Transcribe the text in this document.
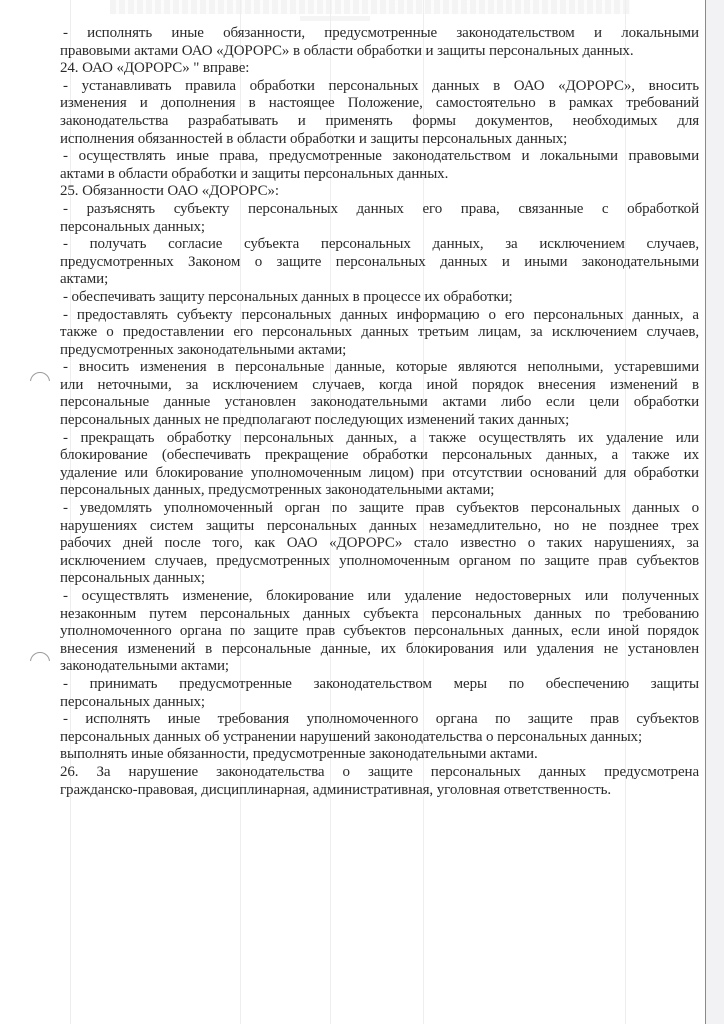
- исполнять иные обязанности, предусмотренные законодательством и локальными
правовыми актами ОАО «ДОРОРС» в области обработки и защиты персональных данных.
24. ОАО «ДОРОРС» " вправе:
- устанавливать правила обработки персональных данных в ОАО «ДОРОРС», вносить
изменения и дополнения в настоящее Положение, самостоятельно в рамках требований
законодательства разрабатывать и применять формы документов, необходимых для
исполнения обязанностей в области обработки и защиты персональных данных;
- осуществлять иные права, предусмотренные законодательством и локальными правовыми
актами в области обработки и защиты персональных данных.
25. Обязанности ОАО «ДОРОРС»:
- разъяснять субъекту персональных данных его права, связанные с обработкой
персональных данных;
- получать согласие субъекта персональных данных, за исключением случаев,
предусмотренных Законом о защите персональных данных и иными законодательными
актами;
- обеспечивать защиту персональных данных в процессе их обработки;
- предоставлять субъекту персональных данных информацию о его персональных данных, а
также о предоставлении его персональных данных третьим лицам, за исключением случаев,
предусмотренных законодательными актами;
- вносить изменения в персональные данные, которые являются неполными, устаревшими
или неточными, за исключением случаев, когда иной порядок внесения изменений в
персональные данные установлен законодательными актами либо если цели обработки
персональных данных не предполагают последующих изменений таких данных;
- прекращать обработку персональных данных, а также осуществлять их удаление или
блокирование (обеспечивать прекращение обработки персональных данных, а также их
удаление или блокирование уполномоченным лицом) при отсутствии оснований для обработки
персональных данных, предусмотренных законодательными актами;
- уведомлять уполномоченный орган по защите прав субъектов персональных данных о
нарушениях систем защиты персональных данных незамедлительно, но не позднее трех
рабочих дней после того, как ОАО «ДОРОРС» стало известно о таких нарушениях, за
исключением случаев, предусмотренных уполномоченным органом по защите прав субъектов
персональных данных;
- осуществлять изменение, блокирование или удаление недостоверных или полученных
незаконным путем персональных данных субъекта персональных данных по требованию
уполномоченного органа по защите прав субъектов персональных данных, если иной порядок
внесения изменений в персональные данные, их блокирования или удаления не установлен
законодательными актами;
- принимать предусмотренные законодательством меры по обеспечению защиты
персональных данных;
- исполнять иные требования уполномоченного органа по защите прав субъектов
персональных данных об устранении нарушений законодательства о персональных данных;
выполнять иные обязанности, предусмотренные законодательными актами.
26. За нарушение законодательства о защите персональных данных предусмотрена
гражданско-правовая, дисциплинарная, административная, уголовная ответственность.
